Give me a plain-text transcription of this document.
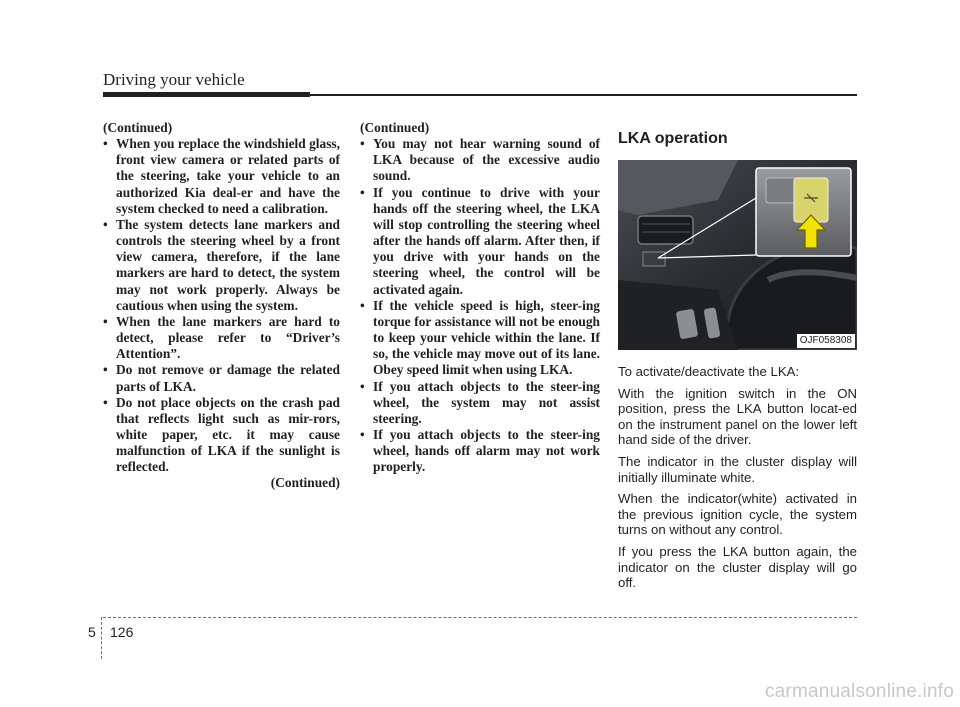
Driving your vehicle

(Continued)

• When you replace the windshield glass, front view camera or related parts of the steering, take your vehicle to an authorized Kia deal-er and have the system checked to need a calibration.
• The system detects lane markers and controls the steering wheel by a front view camera, therefore, if the lane markers are hard to detect, the system may not work properly. Always be cautious when using the system.
• When the lane markers are hard to detect, please refer to “Driver’s Attention”.
• Do not remove or damage the related parts of LKA.
• Do not place objects on the crash pad that reflects light such as mir-rors, white paper, etc. it may cause malfunction of LKA if the sunlight is reflected.

(Continued)

(Continued)

• You may not hear warning sound of LKA because of the excessive audio sound.
• If you continue to drive with your hands off the steering wheel, the LKA will stop controlling the steering wheel after the hands off alarm. After then, if you drive with your hands on the steering wheel, the control will be activated again.
• If the vehicle speed is high, steer-ing torque for assistance will not be enough to keep your vehicle within the lane. If so, the vehicle may move out of its lane. Obey speed limit when using LKA.
• If you attach objects to the steer-ing wheel, the system may not assist steering.
• If you attach objects to the steer-ing wheel, hands off alarm may not work properly.
LKA operation
OJF058308

To activate/deactivate the LKA:

With the ignition switch in the ON position, press the LKA button locat-ed on the instrument panel on the lower left hand side of the driver.

The indicator in the cluster display will initially illuminate white.

When the indicator(white) activated in the previous ignition cycle, the system turns on without any control.

If you press the LKA button again, the indicator on the cluster display will go off.

5 126
carmanualsonline.info
